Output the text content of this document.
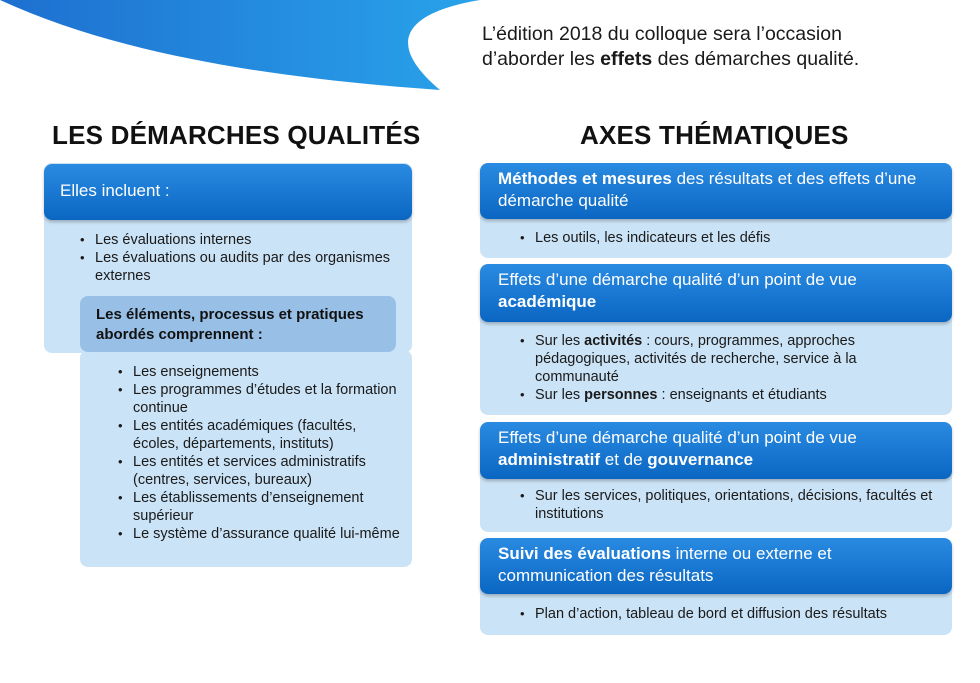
L’édition 2018 du colloque sera l’occasion
d’aborder les effets des démarches qualité.
LES DÉMARCHES QUALITÉS	AXES THÉMATIQUES
Elles incluent :
• Les évaluations internes
• Les évaluations ou audits par des organismes externes
Les éléments, processus et pratiques abordés comprennent :
• Les enseignements
• Les programmes d’études et la formation continue
• Les entités académiques (facultés, écoles, départements, instituts)
• Les entités et services administratifs (centres, services, bureaux)
• Les établissements d’enseignement supérieur
• Le système d’assurance qualité lui-même
Méthodes et mesures des résultats et des effets d’une démarche qualité
• Les outils, les indicateurs et les défis
Effets d’une démarche qualité d’un point de vue académique
• Sur les activités : cours, programmes, approches pédagogiques, activités de recherche, service à la communauté
• Sur les personnes : enseignants et étudiants
Effets d’une démarche qualité d’un point de vue administratif et de gouvernance
• Sur les services, politiques, orientations, décisions, facultés et institutions
Suivi des évaluations interne ou externe et communication des résultats
• Plan d’action, tableau de bord et diffusion des résultats
